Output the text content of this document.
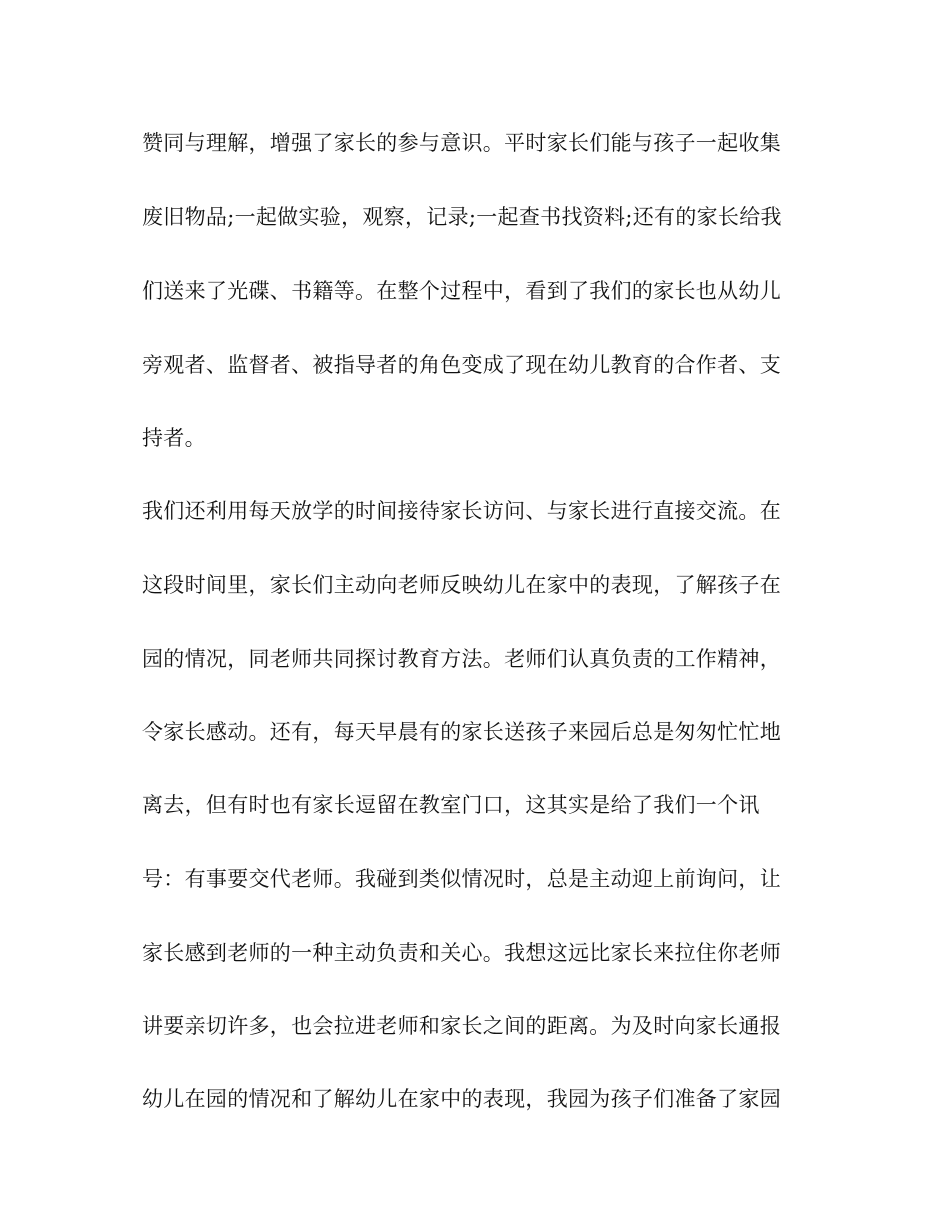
赞同与理解，增强了家长的参与意识。平时家长们能与孩子一起收集
废旧物品;一起做实验，观察，记录;一起查书找资料;还有的家长给我
们送来了光碟、书籍等。在整个过程中，看到了我们的家长也从幼儿
旁观者、监督者、被指导者的角色变成了现在幼儿教育的合作者、支
持者。
我们还利用每天放学的时间接待家长访问、与家长进行直接交流。在
这段时间里，家长们主动向老师反映幼儿在家中的表现，了解孩子在
园的情况，同老师共同探讨教育方法。老师们认真负责的工作精神，
令家长感动。还有，每天早晨有的家长送孩子来园后总是匆匆忙忙地
离去，但有时也有家长逗留在教室门口，这其实是给了我们一个讯
号：有事要交代老师。我碰到类似情况时，总是主动迎上前询问，让
家长感到老师的一种主动负责和关心。我想这远比家长来拉住你老师
讲要亲切许多，也会拉进老师和家长之间的距离。为及时向家长通报
幼儿在园的情况和了解幼儿在家中的表现，我园为孩子们准备了家园
